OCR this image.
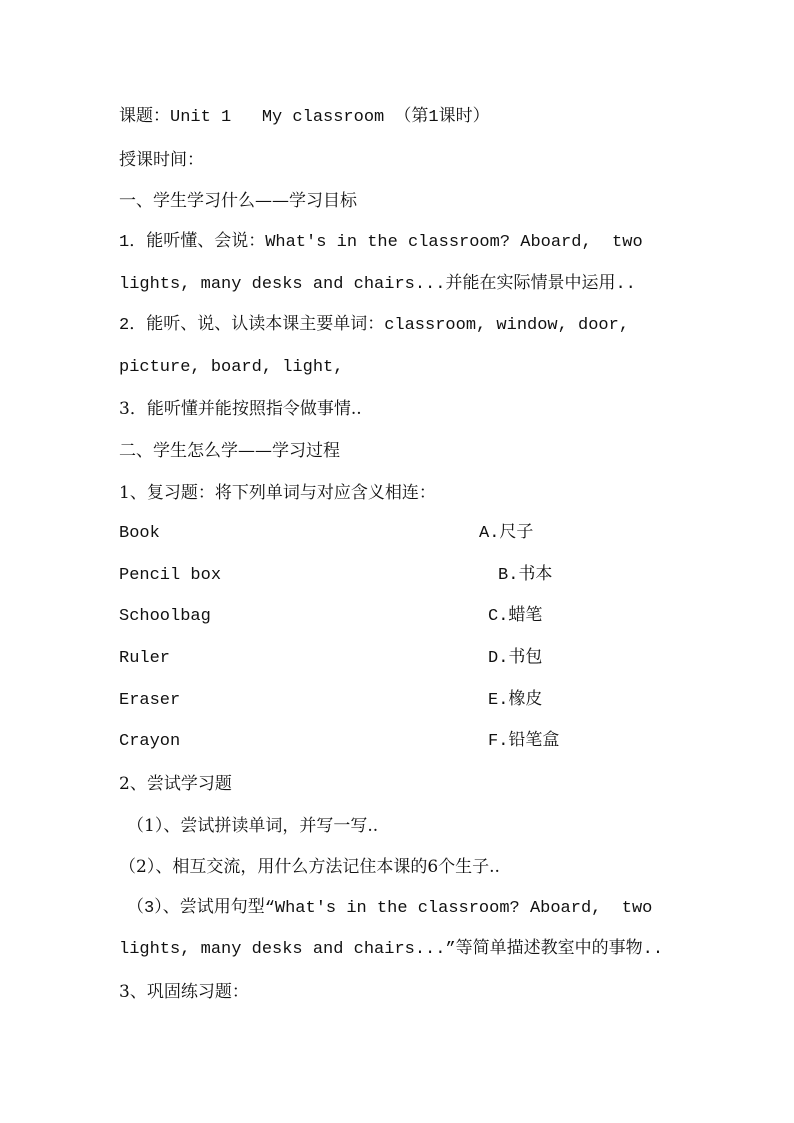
课题：Unit 1   My classroom （第1课时）
授课时间：
一、学生学习什么——学习目标
1．能听懂、会说：What's in the classroom? Aboard,  two
lights, many desks and chairs...并能在实际情景中运用..
2．能听、说、认读本课主要单词：classroom, window, door,
picture, board, light,
3．能听懂并能按照指令做事情..
二、学生怎么学——学习过程
1、复习题：将下列单词与对应含义相连：
Book	A.尺子
Pencil box	B.书本
Schoolbag	C.蜡笔
Ruler	D.书包
Eraser	E.橡皮
Crayon	F.铅笔盒
2、尝试学习题
（1）、尝试拼读单词，并写一写..
（2）、相互交流，用什么方法记住本课的6个生子..
（3）、尝试用句型“What's in the classroom? Aboard,  two
lights, many desks and chairs...”等简单描述教室中的事物..
3、巩固练习题：
